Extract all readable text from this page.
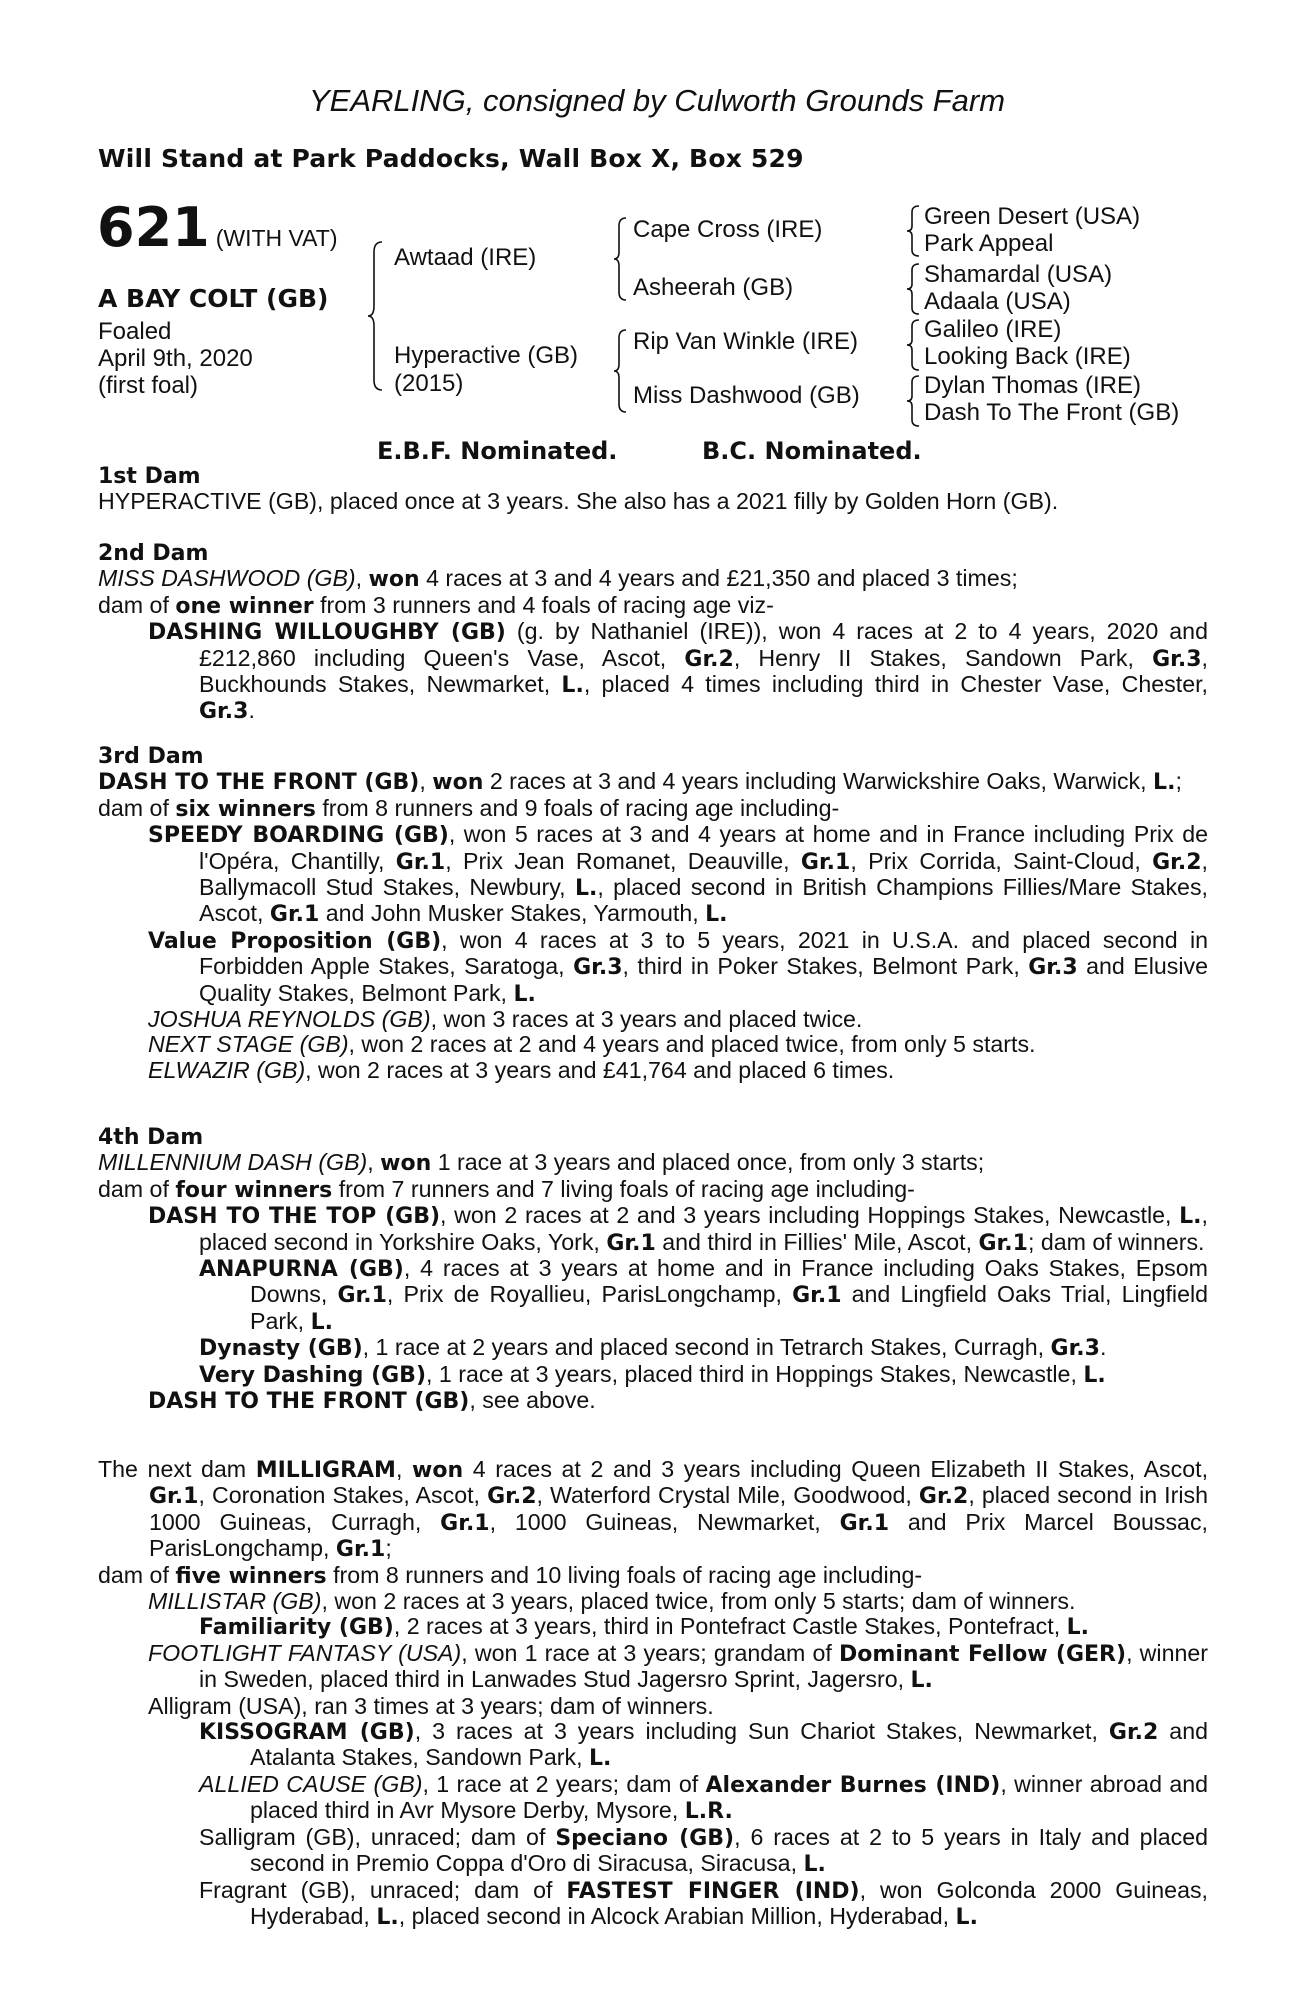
YEARLING, consigned by Culworth Grounds Farm
Will Stand at Park Paddocks, Wall Box X, Box 529
621 (WITH VAT)
A BAY COLT (GB)
Foaled
April 9th, 2020
(first foal)
Awtaad (IRE)
Hyperactive (GB)
(2015)
Cape Cross (IRE)
Asheerah (GB)
Rip Van Winkle (IRE)
Miss Dashwood (GB)
Green Desert (USA)
Park Appeal
Shamardal (USA)
Adaala (USA)
Galileo (IRE)
Looking Back (IRE)
Dylan Thomas (IRE)
Dash To The Front (GB)
E.B.F. Nominated.	B.C. Nominated.

1st Dam

HYPERACTIVE (GB), placed once at 3 years. She also has a 2021 filly by Golden Horn (GB).

2nd Dam

MISS DASHWOOD (GB), won 4 races at 3 and 4 years and £21,350 and placed 3 times;

dam of one winner from 3 runners and 4 foals of racing age viz-

DASHING WILLOUGHBY (GB) (g. by Nathaniel (IRE)), won 4 races at 2 to 4 years, 2020 and £212,860 including Queen's Vase, Ascot, Gr.2, Henry II Stakes, Sandown Park, Gr.3, Buckhounds Stakes, Newmarket, L., placed 4 times including third in Chester Vase, Chester, Gr.3.

3rd Dam

DASH TO THE FRONT (GB), won 2 races at 3 and 4 years including Warwickshire Oaks, Warwick, L.;

dam of six winners from 8 runners and 9 foals of racing age including-

SPEEDY BOARDING (GB), won 5 races at 3 and 4 years at home and in France including Prix de l'Opéra, Chantilly, Gr.1, Prix Jean Romanet, Deauville, Gr.1, Prix Corrida, Saint-Cloud, Gr.2, Ballymacoll Stud Stakes, Newbury, L., placed second in British Champions Fillies/Mare Stakes, Ascot, Gr.1 and John Musker Stakes, Yarmouth, L.

Value Proposition (GB), won 4 races at 3 to 5 years, 2021 in U.S.A. and placed second in Forbidden Apple Stakes, Saratoga, Gr.3, third in Poker Stakes, Belmont Park, Gr.3 and Elusive Quality Stakes, Belmont Park, L.

JOSHUA REYNOLDS (GB), won 3 races at 3 years and placed twice.

NEXT STAGE (GB), won 2 races at 2 and 4 years and placed twice, from only 5 starts.

ELWAZIR (GB), won 2 races at 3 years and £41,764 and placed 6 times.

4th Dam

MILLENNIUM DASH (GB), won 1 race at 3 years and placed once, from only 3 starts;

dam of four winners from 7 runners and 7 living foals of racing age including-

DASH TO THE TOP (GB), won 2 races at 2 and 3 years including Hoppings Stakes, Newcastle, L., placed second in Yorkshire Oaks, York, Gr.1 and third in Fillies' Mile, Ascot, Gr.1; dam of winners.

ANAPURNA (GB), 4 races at 3 years at home and in France including Oaks Stakes, Epsom Downs, Gr.1, Prix de Royallieu, ParisLongchamp, Gr.1 and Lingfield Oaks Trial, Lingfield Park, L.

Dynasty (GB), 1 race at 2 years and placed second in Tetrarch Stakes, Curragh, Gr.3.

Very Dashing (GB), 1 race at 3 years, placed third in Hoppings Stakes, Newcastle, L.

DASH TO THE FRONT (GB), see above.

The next dam MILLIGRAM, won 4 races at 2 and 3 years including Queen Elizabeth II Stakes, Ascot, Gr.1, Coronation Stakes, Ascot, Gr.2, Waterford Crystal Mile, Goodwood, Gr.2, placed second in Irish 1000 Guineas, Curragh, Gr.1, 1000 Guineas, Newmarket, Gr.1 and Prix Marcel Boussac, ParisLongchamp, Gr.1;

dam of five winners from 8 runners and 10 living foals of racing age including-

MILLISTAR (GB), won 2 races at 3 years, placed twice, from only 5 starts; dam of winners.

Familiarity (GB), 2 races at 3 years, third in Pontefract Castle Stakes, Pontefract, L.

FOOTLIGHT FANTASY (USA), won 1 race at 3 years; grandam of Dominant Fellow (GER), winner in Sweden, placed third in Lanwades Stud Jagersro Sprint, Jagersro, L.

Alligram (USA), ran 3 times at 3 years; dam of winners.

KISSOGRAM (GB), 3 races at 3 years including Sun Chariot Stakes, Newmarket, Gr.2 and Atalanta Stakes, Sandown Park, L.

ALLIED CAUSE (GB), 1 race at 2 years; dam of Alexander Burnes (IND), winner abroad and placed third in Avr Mysore Derby, Mysore, L.R.

Salligram (GB), unraced; dam of Speciano (GB), 6 races at 2 to 5 years in Italy and placed second in Premio Coppa d'Oro di Siracusa, Siracusa, L.

Fragrant (GB), unraced; dam of FASTEST FINGER (IND), won Golconda 2000 Guineas, Hyderabad, L., placed second in Alcock Arabian Million, Hyderabad, L.
